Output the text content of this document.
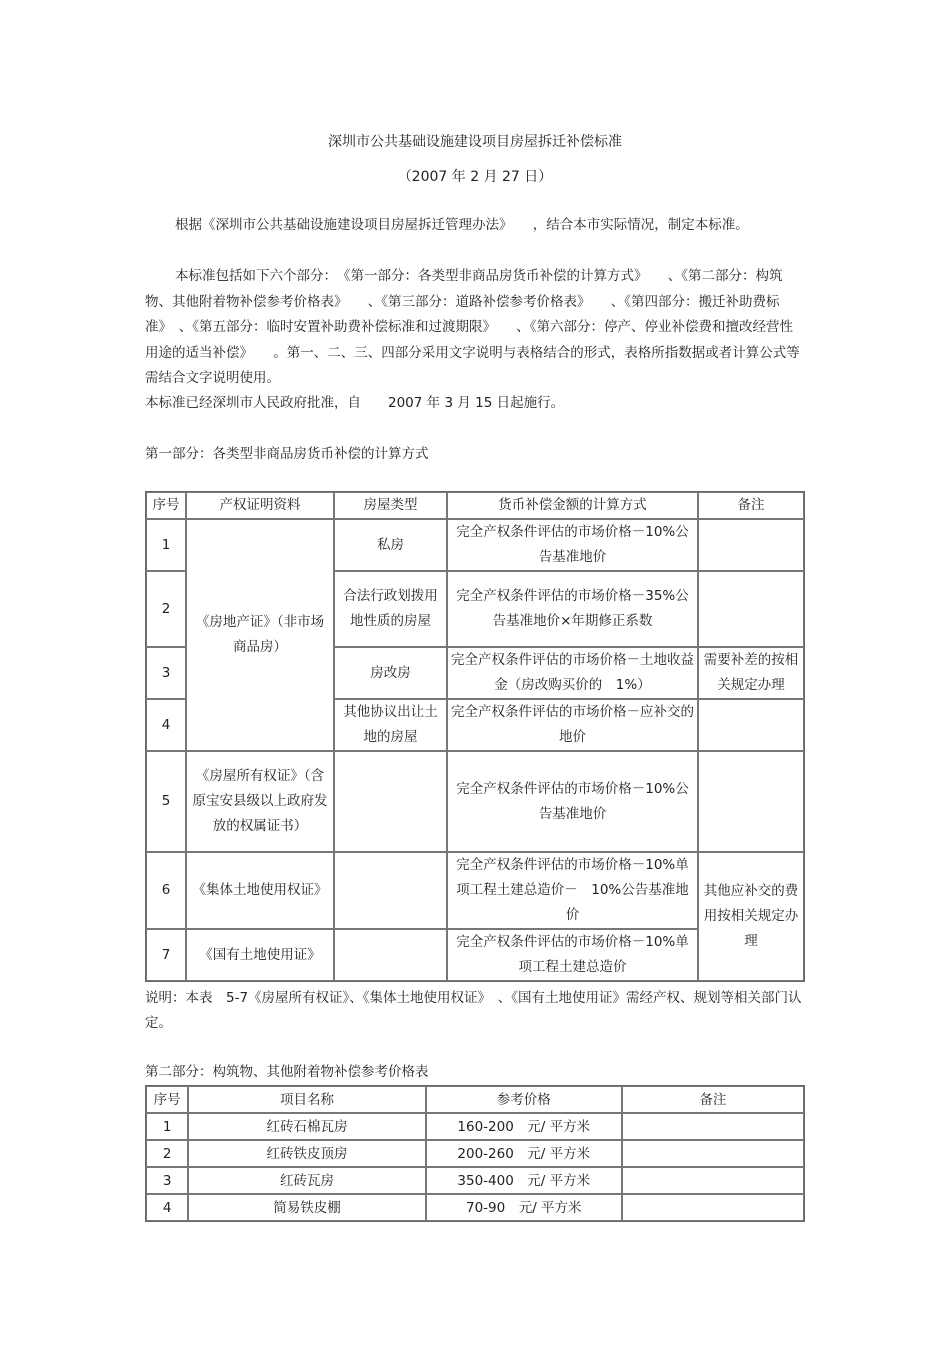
深圳市公共基础设施建设项目房屋拆迁补偿标准
（2007 年 2 月 27 日）
根据《深圳市公共基础设施建设项目房屋拆迁管理办法》　　，结合本市实际情况，制定本标准。
本标准包括如下六个部分：　《第一部分：各类型非商品房货币补偿的计算方式》　　、《第二部分：构筑物、其他附着物补偿参考价格表》　　、《第三部分：道路补偿参考价格表》　　、《第四部分：搬迁补助费标准》　、《第五部分：临时安置补助费补偿标准和过渡期限》　　、《第六部分：停产、停业补偿费和擅改经营性用途的适当补偿》　　。第一、二、三、四部分采用文字说明与表格结合的形式，表格所指数据或者计算公式等需结合文字说明使用。
本标准已经深圳市人民政府批准，自　　2007 年 3 月 15 日起施行。
第一部分：各类型非商品房货币补偿的计算方式
序号	产权证明资料	房屋类型	货币补偿金额的计算方式	备注
1	《房地产证》（非市场商品房）	私房	完全产权条件评估的市场价格－10%公告基准地价	
2		合法行政划拨用地性质的房屋	完全产权条件评估的市场价格－35%公告基准地价×年期修正系数	
3		房改房	完全产权条件评估的市场价格－土地收益金（房改购买价的　1%）	需要补差的按相关规定办理
4		其他协议出让土地的房屋	完全产权条件评估的市场价格－应补交的地价	
5	《房屋所有权证》（含原宝安县级以上政府发放的权属证书）		完全产权条件评估的市场价格－10%公告基准地价	
6	《集体土地使用权证》		完全产权条件评估的市场价格－10%单项工程土建总造价－　10%公告基准地价	其他应补交的费用按相关规定办理
7	《国有土地使用证》		完全产权条件评估的市场价格－10%单项工程土建总造价	
说明：本表　5-7《房屋所有权证》、《集体土地使用权证》　、《国有土地使用证》需经产权、规划等相关部门认定。
第二部分：构筑物、其他附着物补偿参考价格表
序号	项目名称	参考价格	备注
1	红砖石棉瓦房	160-200　元/ 平方米	
2	红砖铁皮顶房	200-260　元/ 平方米	
3	红砖瓦房	350-400　元/ 平方米	
4	简易铁皮棚	70-90　元/ 平方米	
